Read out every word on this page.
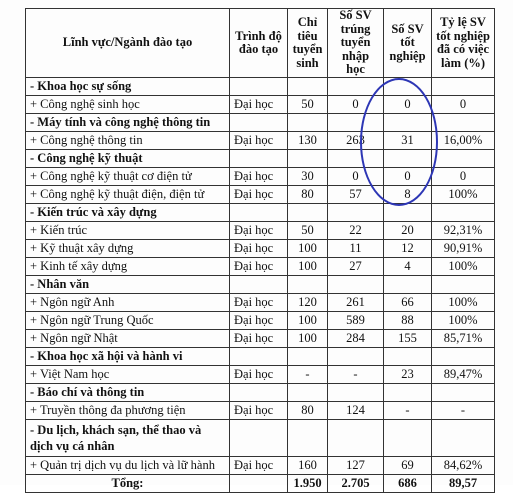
Lĩnh vực/Ngành đào tạo	Trình độ đào tạo	Chỉ tiêu tuyển sinh	Số SV trúng tuyển nhập học	Số SV tốt nghiệp	Tỷ lệ SV tốt nghiệp đã có việc làm (%)
- Khoa học sự sống					
+ Công nghệ sinh học	Đại học	50	0	0	0
- Máy tính và công nghệ thông tin					
+ Công nghệ thông tin	Đại học	130	263	31	16,00%
- Công nghệ kỹ thuật					
+ Công nghệ kỹ thuật cơ điện tử	Đại học	30	0	0	0
+ Công nghệ kỹ thuật điện, điện tử	Đại học	80	57	8	100%
- Kiến trúc và xây dựng					
+ Kiến trúc	Đại học	50	22	20	92,31%
+ Kỹ thuật xây dựng	Đại học	100	11	12	90,91%
+ Kinh tế xây dựng	Đại học	100	27	4	100%
- Nhân văn					
+ Ngôn ngữ Anh	Đại học	120	261	66	100%
+ Ngôn ngữ Trung Quốc	Đại học	100	589	88	100%
+ Ngôn ngữ Nhật	Đại học	100	284	155	85,71%
- Khoa học xã hội và hành vi					
+ Việt Nam học	Đại học	-	-	23	89,47%
- Báo chí và thông tin					
+ Truyền thông đa phương tiện	Đại học	80	124	-	-
- Du lịch, khách sạn, thể thao và dịch vụ cá nhân					
+ Quản trị dịch vụ du lịch và lữ hành	Đại học	160	127	69	84,62%
Tổng:		1.950	2.705	686	89,57
